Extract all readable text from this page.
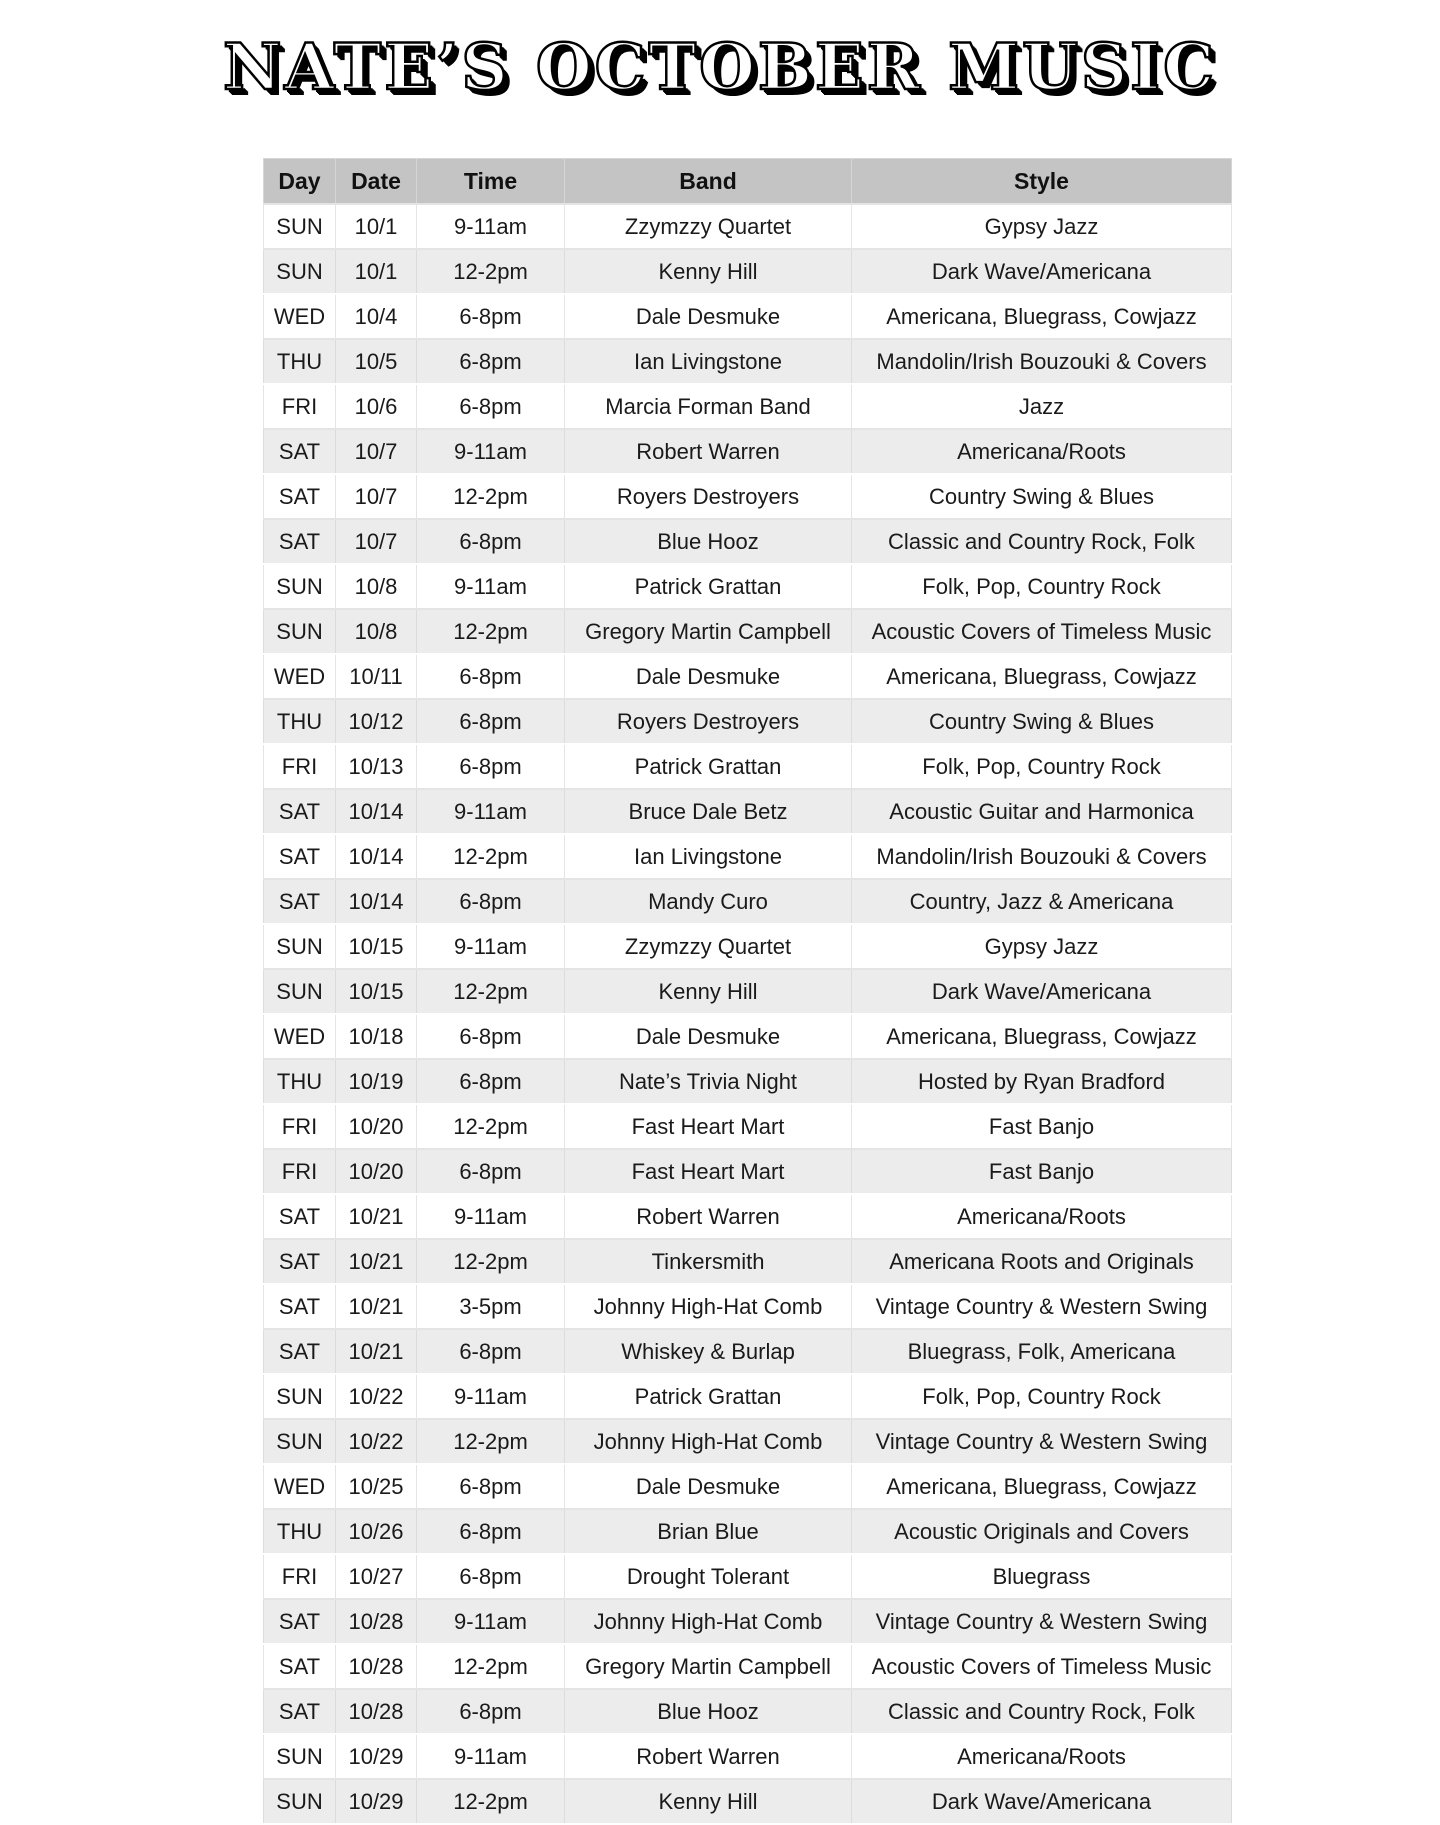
NATE’S OCTOBER MUSIC
Day	Date	Time	Band	Style
SUN	10/1	9-11am	Zzymzzy Quartet	Gypsy Jazz
SUN	10/1	12-2pm	Kenny Hill	Dark Wave/Americana
WED	10/4	6-8pm	Dale Desmuke	Americana, Bluegrass, Cowjazz
THU	10/5	6-8pm	Ian Livingstone	Mandolin/Irish Bouzouki & Covers
FRI	10/6	6-8pm	Marcia Forman Band	Jazz
SAT	10/7	9-11am	Robert Warren	Americana/Roots
SAT	10/7	12-2pm	Royers Destroyers	Country Swing & Blues
SAT	10/7	6-8pm	Blue Hooz	Classic and Country Rock, Folk
SUN	10/8	9-11am	Patrick Grattan	Folk, Pop, Country Rock
SUN	10/8	12-2pm	Gregory Martin Campbell	Acoustic Covers of Timeless Music
WED	10/11	6-8pm	Dale Desmuke	Americana, Bluegrass, Cowjazz
THU	10/12	6-8pm	Royers Destroyers	Country Swing & Blues
FRI	10/13	6-8pm	Patrick Grattan	Folk, Pop, Country Rock
SAT	10/14	9-11am	Bruce Dale Betz	Acoustic Guitar and Harmonica
SAT	10/14	12-2pm	Ian Livingstone	Mandolin/Irish Bouzouki & Covers
SAT	10/14	6-8pm	Mandy Curo	Country, Jazz & Americana
SUN	10/15	9-11am	Zzymzzy Quartet	Gypsy Jazz
SUN	10/15	12-2pm	Kenny Hill	Dark Wave/Americana
WED	10/18	6-8pm	Dale Desmuke	Americana, Bluegrass, Cowjazz
THU	10/19	6-8pm	Nate’s Trivia Night	Hosted by Ryan Bradford
FRI	10/20	12-2pm	Fast Heart Mart	Fast Banjo
FRI	10/20	6-8pm	Fast Heart Mart	Fast Banjo
SAT	10/21	9-11am	Robert Warren	Americana/Roots
SAT	10/21	12-2pm	Tinkersmith	Americana Roots and Originals
SAT	10/21	3-5pm	Johnny High-Hat Comb	Vintage Country & Western Swing
SAT	10/21	6-8pm	Whiskey & Burlap	Bluegrass, Folk, Americana
SUN	10/22	9-11am	Patrick Grattan	Folk, Pop, Country Rock
SUN	10/22	12-2pm	Johnny High-Hat Comb	Vintage Country & Western Swing
WED	10/25	6-8pm	Dale Desmuke	Americana, Bluegrass, Cowjazz
THU	10/26	6-8pm	Brian Blue	Acoustic Originals and Covers
FRI	10/27	6-8pm	Drought Tolerant	Bluegrass
SAT	10/28	9-11am	Johnny High-Hat Comb	Vintage Country & Western Swing
SAT	10/28	12-2pm	Gregory Martin Campbell	Acoustic Covers of Timeless Music
SAT	10/28	6-8pm	Blue Hooz	Classic and Country Rock, Folk
SUN	10/29	9-11am	Robert Warren	Americana/Roots
SUN	10/29	12-2pm	Kenny Hill	Dark Wave/Americana
